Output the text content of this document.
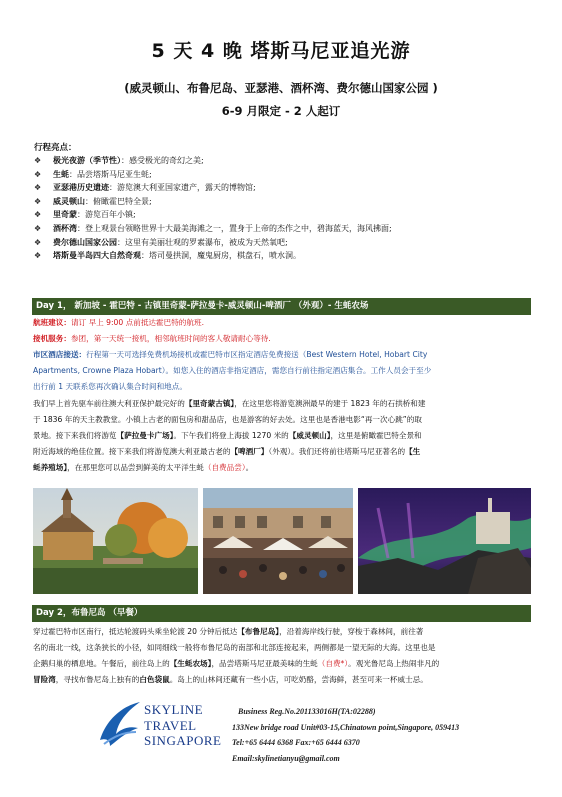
5 天 4 晚 塔斯马尼亚追光游
(威灵顿山、布鲁尼岛、亚瑟港、酒杯湾、费尔德山国家公园 )
6-9 月限定 - 2 人起订
行程亮点：
❖ 极光夜游（季节性）：感受极光的奇幻之美;
❖ 生蚝：品尝塔斯马尼亚生蚝;
❖ 亚瑟港历史遗迹：游览澳大利亚国家遗产，露天的博物馆;
❖ 威灵顿山：俯瞰霍巴特全景;
❖ 里奇蒙：游览百年小镇;
❖ 酒杯湾：登上观景台领略世界十大最美海滩之一，置身于上帝的杰作之中，碧海蓝天，海风拂面;
❖ 费尔德山国家公园：这里有美丽壮观的罗素瀑布，被成为天然氧吧;
❖ 塔斯曼半岛四大自然奇观：塔司曼拱洞，魔鬼厨房，棋盘石，喷水洞。
Day 1， 新加坡 - 霍巴特 - 古镇里奇蒙-萨拉曼卡-威灵顿山-啤酒厂 （外观）- 生蚝农场
航班建议：请订 早上 9:00 点前抵达霍巴特的航班.
接机服务：参团，第一天统一接机，相邻航班时间的客人敬请耐心等待.
市区酒店接送：行程第一天可选择免费机场接机或霍巴特市区指定酒店免费接送（Best Western Hotel, Hobart City
Apartments, Crowne Plaza Hobart）。如您入住的酒店非指定酒店，需您自行前往指定酒店集合。工作人员会于至少
出行前 1 天联系您再次确认集合时间和地点。
我们早上首先驱车前往澳大利亚保护最完好的【里奇蒙古镇】，在这里您将游览澳洲最早的建于 1823 年的石拱桥和建
于 1836 年的天主教教堂。小镇上古老的面包房和甜品店，也是游客的好去处。这里也是香港电影“再一次心跳”的取
景地。接下来我们将游览【萨拉曼卡广场】。下午我们将登上海拔 1270 米的【威灵顿山】，这里是俯瞰霍巴特全景和
附近海域的绝佳位置。接下来我们将游览澳大利亚最古老的【啤酒厂】（外观）。我们还将前往塔斯马尼亚著名的【生
蚝养殖场】，在那里您可以品尝到鲜美的太平洋生蚝（自费品尝）。
Day 2，布鲁尼岛 （早餐）
穿过霍巴特市区南行，抵达轮渡码头乘坐轮渡 20 分钟后抵达【布鲁尼岛】，沿着海岸线行驶，穿梭于森林间，前往著
名的南北一线，这条狭长的小径，如同细线一般将布鲁尼岛的南部和北部连接起来，两侧都是一望无际的大海。这里也是
企鹅归巢的栖息地。午餐后，前往岛上的【生蚝农场】，品尝塔斯马尼亚最美味的生蚝（自费*）。观光鲁尼岛上热闹非凡的
冒险湾，寻找布鲁尼岛上独有的白色袋鼠。岛上的山林间还藏有一些小店，可吃奶酪，尝海鲜，甚至可来一杯威士忌。
SKYLINE
TRAVEL
SINGAPORE
Business Reg.No.201133016H(TA:02288)
133New bridge road Unit#03-15,Chinatown point,Singapore, 059413
Tel:+65 6444 6368 Fax:+65 6444 6370
Email:skylinetianyu@gmail.com
